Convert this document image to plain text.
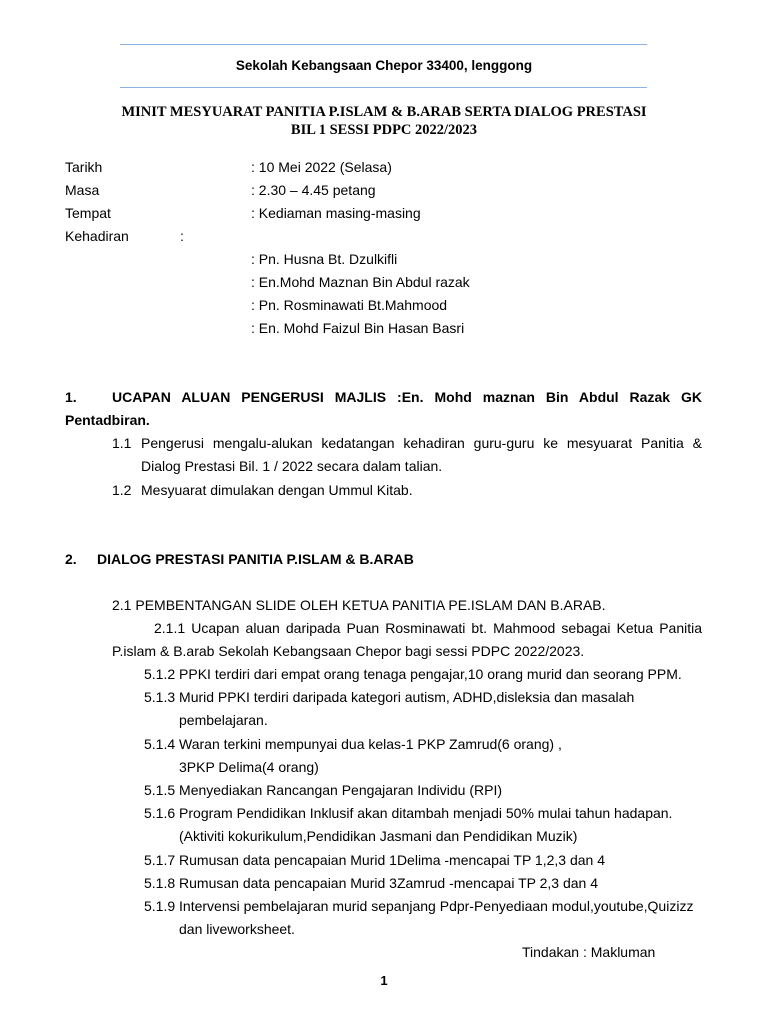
Sekolah Kebangsaan Chepor 33400, lenggong
MINIT MESYUARAT PANITIA P.ISLAM & B.ARAB SERTA DIALOG PRESTASI
BIL 1 SESSI PDPC 2022/2023
Tarikh	: 10 Mei 2022 (Selasa)
Masa	: 2.30 – 4.45 petang
Tempat	: Kediaman masing-masing
Kehadiran	:
: Pn. Husna Bt. Dzulkifli
: En.Mohd Maznan Bin Abdul razak
: Pn. Rosminawati Bt.Mahmood
: En. Mohd Faizul Bin Hasan Basri
1.	UCAPAN ALUAN PENGERUSI MAJLIS :En. Mohd maznan Bin Abdul Razak GK
Pentadbiran.
1.1 Pengerusi mengalu-alukan kedatangan kehadiran guru-guru ke mesyuarat Panitia &
Dialog Prestasi Bil. 1 / 2022 secara dalam talian.
1.2 Mesyuarat dimulakan dengan Ummul Kitab.
2. DIALOG PRESTASI PANITIA P.ISLAM & B.ARAB
2.1 PEMBENTANGAN SLIDE OLEH KETUA PANITIA PE.ISLAM DAN B.ARAB.
2.1.1 Ucapan aluan daripada Puan Rosminawati bt. Mahmood sebagai Ketua Panitia
P.islam & B.arab Sekolah Kebangsaan Chepor bagi sessi PDPC 2022/2023.
5.1.2 PPKI terdiri dari empat orang tenaga pengajar,10 orang murid dan seorang PPM.
5.1.3 Murid PPKI terdiri daripada kategori autism, ADHD,disleksia dan masalah
pembelajaran.
5.1.4 Waran terkini mempunyai dua kelas-1 PKP Zamrud(6 orang) ,
3PKP Delima(4 orang)
5.1.5 Menyediakan Rancangan Pengajaran Individu (RPI)
5.1.6 Program Pendidikan Inklusif akan ditambah menjadi 50% mulai tahun hadapan.
(Aktiviti kokurikulum,Pendidikan Jasmani dan Pendidikan Muzik)
5.1.7 Rumusan data pencapaian Murid 1Delima -mencapai TP 1,2,3 dan 4
5.1.8 Rumusan data pencapaian Murid 3Zamrud -mencapai TP 2,3 dan 4
5.1.9 Intervensi pembelajaran murid sepanjang Pdpr-Penyediaan modul,youtube,Quizizz
dan liveworksheet.
Tindakan : Makluman
1
